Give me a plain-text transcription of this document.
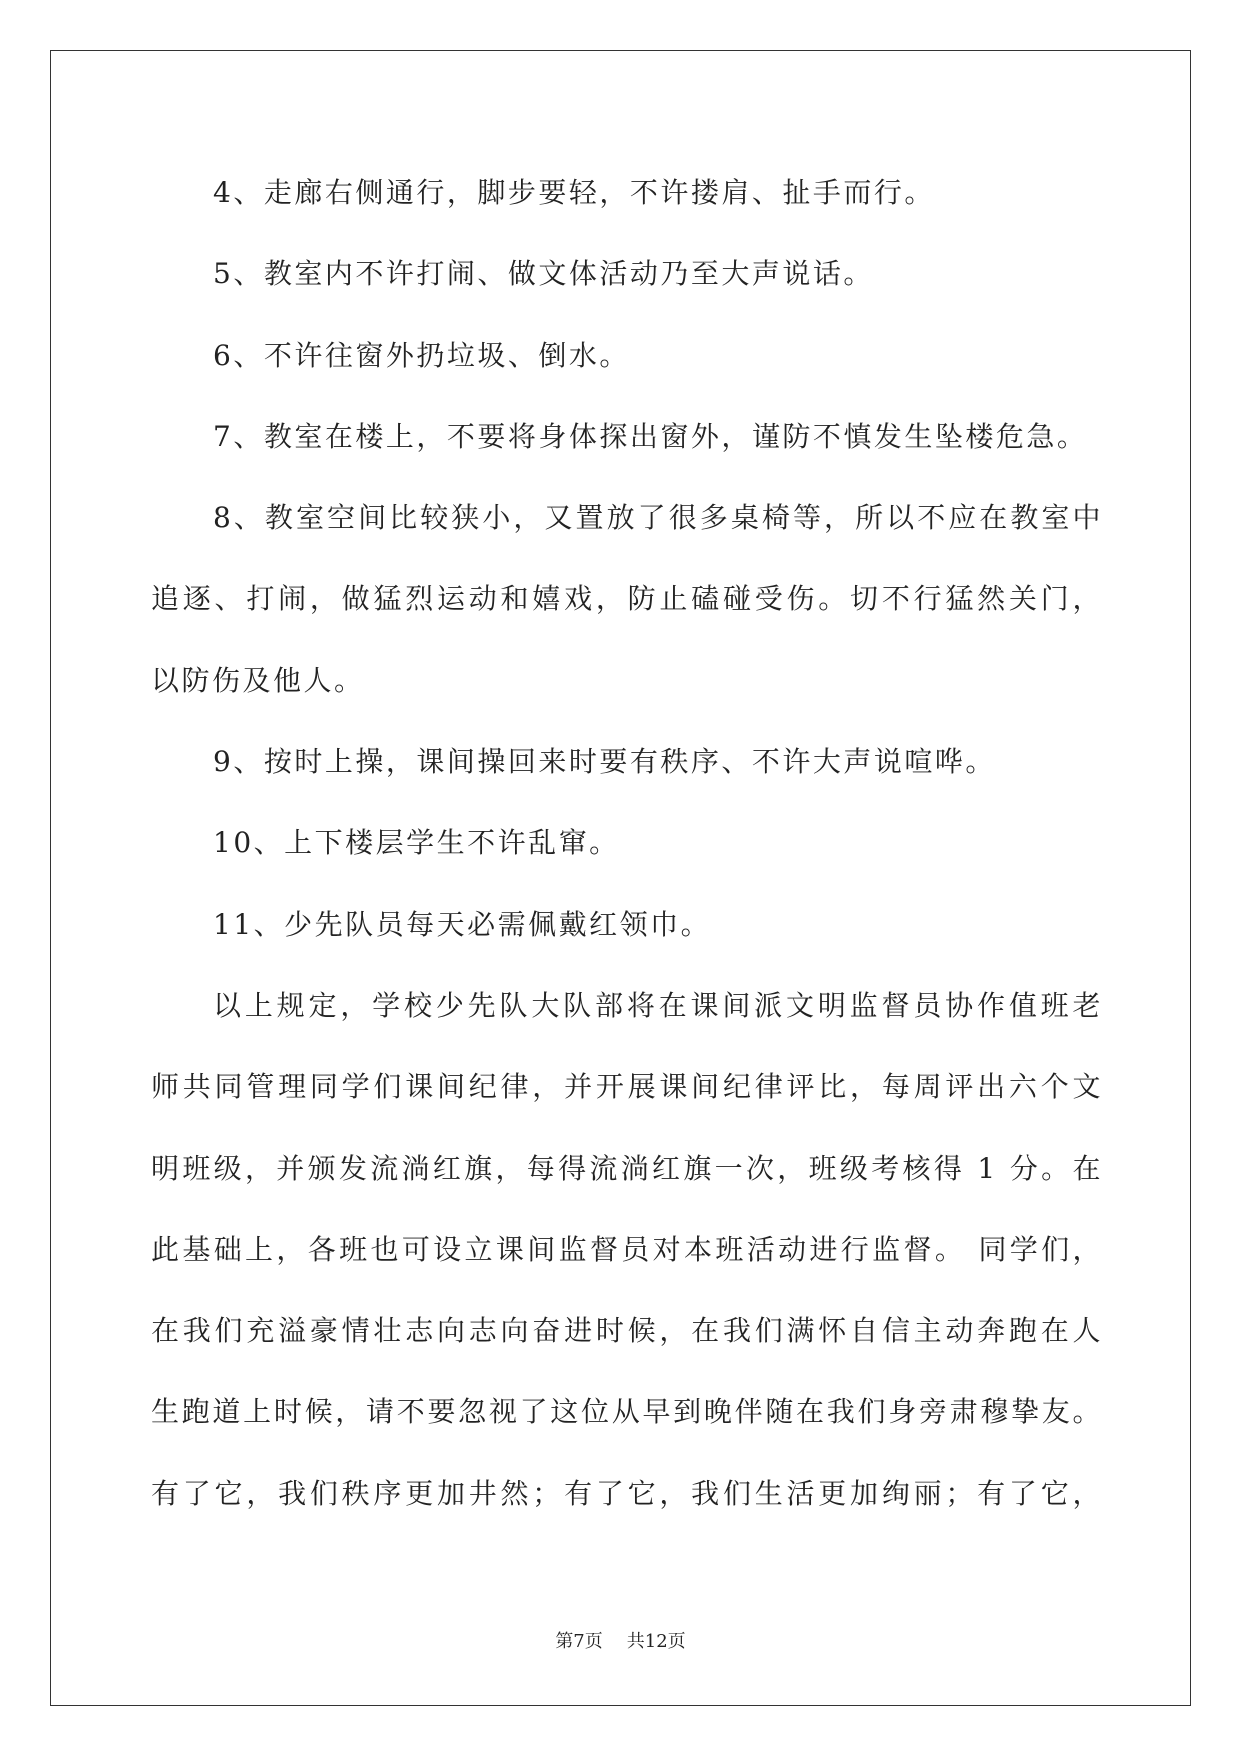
4、走廊右侧通行，脚步要轻，不许搂肩、扯手而行。
5、教室内不许打闹、做文体活动乃至大声说话。
6、不许往窗外扔垃圾、倒水。
7、教室在楼上，不要将身体探出窗外，谨防不慎发生坠楼危急。
8、教室空间比较狭小，又置放了很多桌椅等，所以不应在教室中
追逐、打闹，做猛烈运动和嬉戏，防止磕碰受伤。切不行猛然关门，
以防伤及他人。
9、按时上操，课间操回来时要有秩序、不许大声说喧哗。
10、上下楼层学生不许乱窜。
11、少先队员每天必需佩戴红领巾。
以上规定，学校少先队大队部将在课间派文明监督员协作值班老
师共同管理同学们课间纪律，并开展课间纪律评比，每周评出六个文
明班级，并颁发流淌红旗，每得流淌红旗一次，班级考核得 1 分。在
此基础上，各班也可设立课间监督员对本班活动进行监督。 同学们，
在我们充溢豪情壮志向志向奋进时候，在我们满怀自信主动奔跑在人
生跑道上时候，请不要忽视了这位从早到晚伴随在我们身旁肃穆挚友。
有了它，我们秩序更加井然；有了它，我们生活更加绚丽；有了它，
第7页 共12页
